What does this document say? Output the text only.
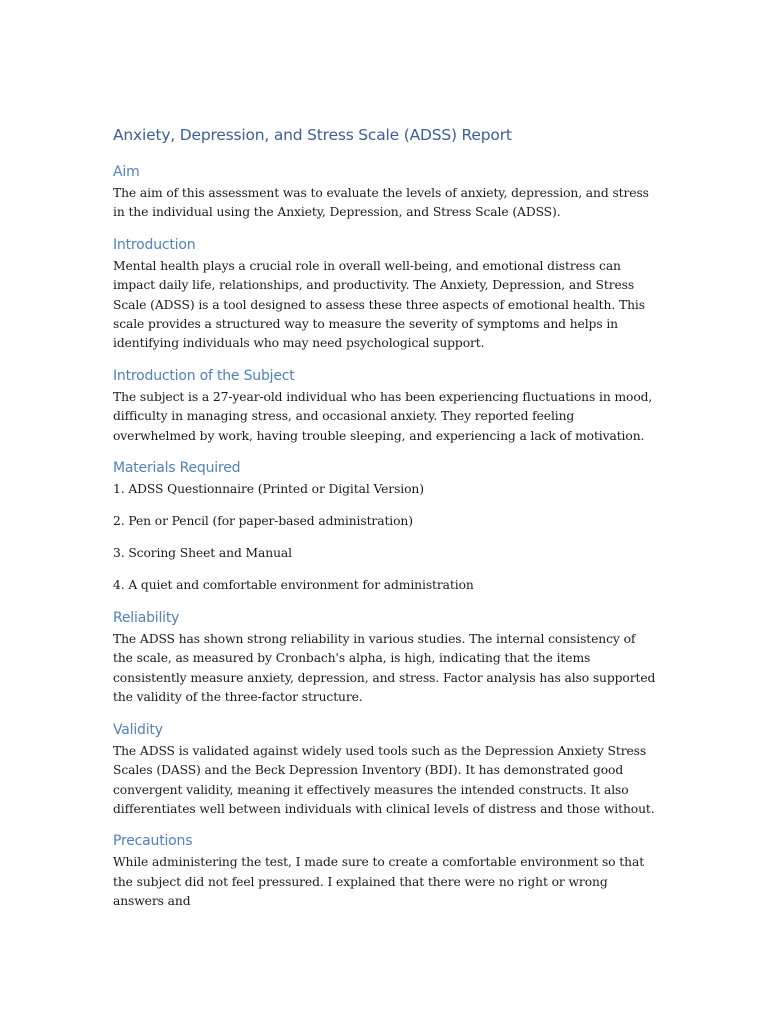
Anxiety, Depression, and Stress Scale (ADSS) Report
Aim

The aim of this assessment was to evaluate the levels of anxiety, depression, and stress in the individual using the Anxiety, Depression, and Stress Scale (ADSS).

Introduction

Mental health plays a crucial role in overall well-being, and emotional distress can impact daily life, relationships, and productivity. The Anxiety, Depression, and Stress Scale (ADSS) is a tool designed to assess these three aspects of emotional health. This scale provides a structured way to measure the severity of symptoms and helps in identifying individuals who may need psychological support.

Introduction of the Subject

The subject is a 27-year-old individual who has been experiencing fluctuations in mood, difficulty in managing stress, and occasional anxiety. They reported feeling overwhelmed by work, having trouble sleeping, and experiencing a lack of motivation.

Materials Required

1. ADSS Questionnaire (Printed or Digital Version)

2. Pen or Pencil (for paper-based administration)

3. Scoring Sheet and Manual

4. A quiet and comfortable environment for administration

Reliability

The ADSS has shown strong reliability in various studies. The internal consistency of the scale, as measured by Cronbach's alpha, is high, indicating that the items consistently measure anxiety, depression, and stress. Factor analysis has also supported the validity of the three-factor structure.

Validity

The ADSS is validated against widely used tools such as the Depression Anxiety Stress Scales (DASS) and the Beck Depression Inventory (BDI). It has demonstrated good convergent validity, meaning it effectively measures the intended constructs. It also differentiates well between individuals with clinical levels of distress and those without.

Precautions

While administering the test, I made sure to create a comfortable environment so that the subject did not feel pressured. I explained that there were no right or wrong answers and
